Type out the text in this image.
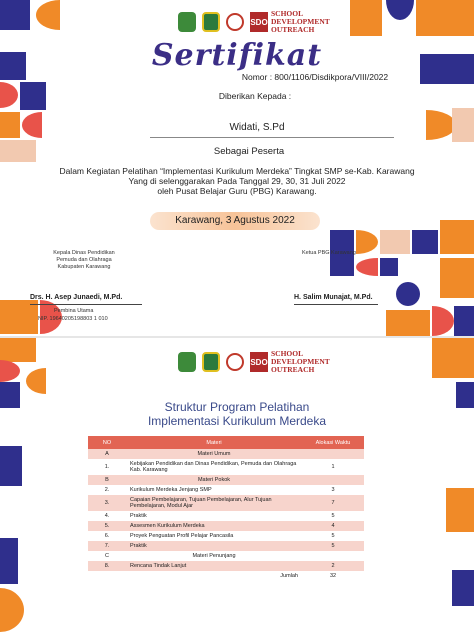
SDO
SCHOOL
DEVELOPMENT
OUTREACH
Sertifikat
Nomor : 800/1106/Disdikpora/VIII/2022
Diberikan Kepada :
Widati, S.Pd
Sebagai Peserta
Dalam Kegiatan Pelatihan “Implementasi Kurikulum Merdeka” Tingkat SMP se-Kab. Karawang
Yang di selenggarakan Pada Tanggal 29, 30, 31 Juli 2022
oleh Pusat Belajar Guru (PBG) Karawang.
Karawang, 3 Agustus 2022
Kepala Dinas Pendidikan
Pemuda dan Olahraga
Kabupaten Karawang
Drs. H. Asep Junaedi, M.Pd.
Pembina Utama
NIP. 19640205198803 1 010
Ketua PBG Karawang
H. Salim Munajat, M.Pd.
SDO
SCHOOL
DEVELOPMENT
OUTREACH
Struktur Program Pelatihan
Implementasi Kurikulum Merdeka
NO	Materi	Alokasi Waktu
A	Materi Umum	
1.	Kebijakan Pendidikan dan Dinas Pendidikan, Pemuda dan Olahraga Kab. Karawang	1
B	Materi Pokok	
2.	Kurikulum Merdeka Jenjang SMP	3
3.	Capaian Pembelajaran, Tujuan Pembelajaran, Alur Tujuan Pembelajaran, Modul Ajar	7
4.	Praktik	5
5.	Assesmen Kurikulum Merdeka	4
6.	Proyek Penguatan Profil Pelajar Pancasila	5
7.	Praktik	5
C	Materi Penunjang	
8.	Rencana Tindak Lanjut	2
	Jumlah	32
